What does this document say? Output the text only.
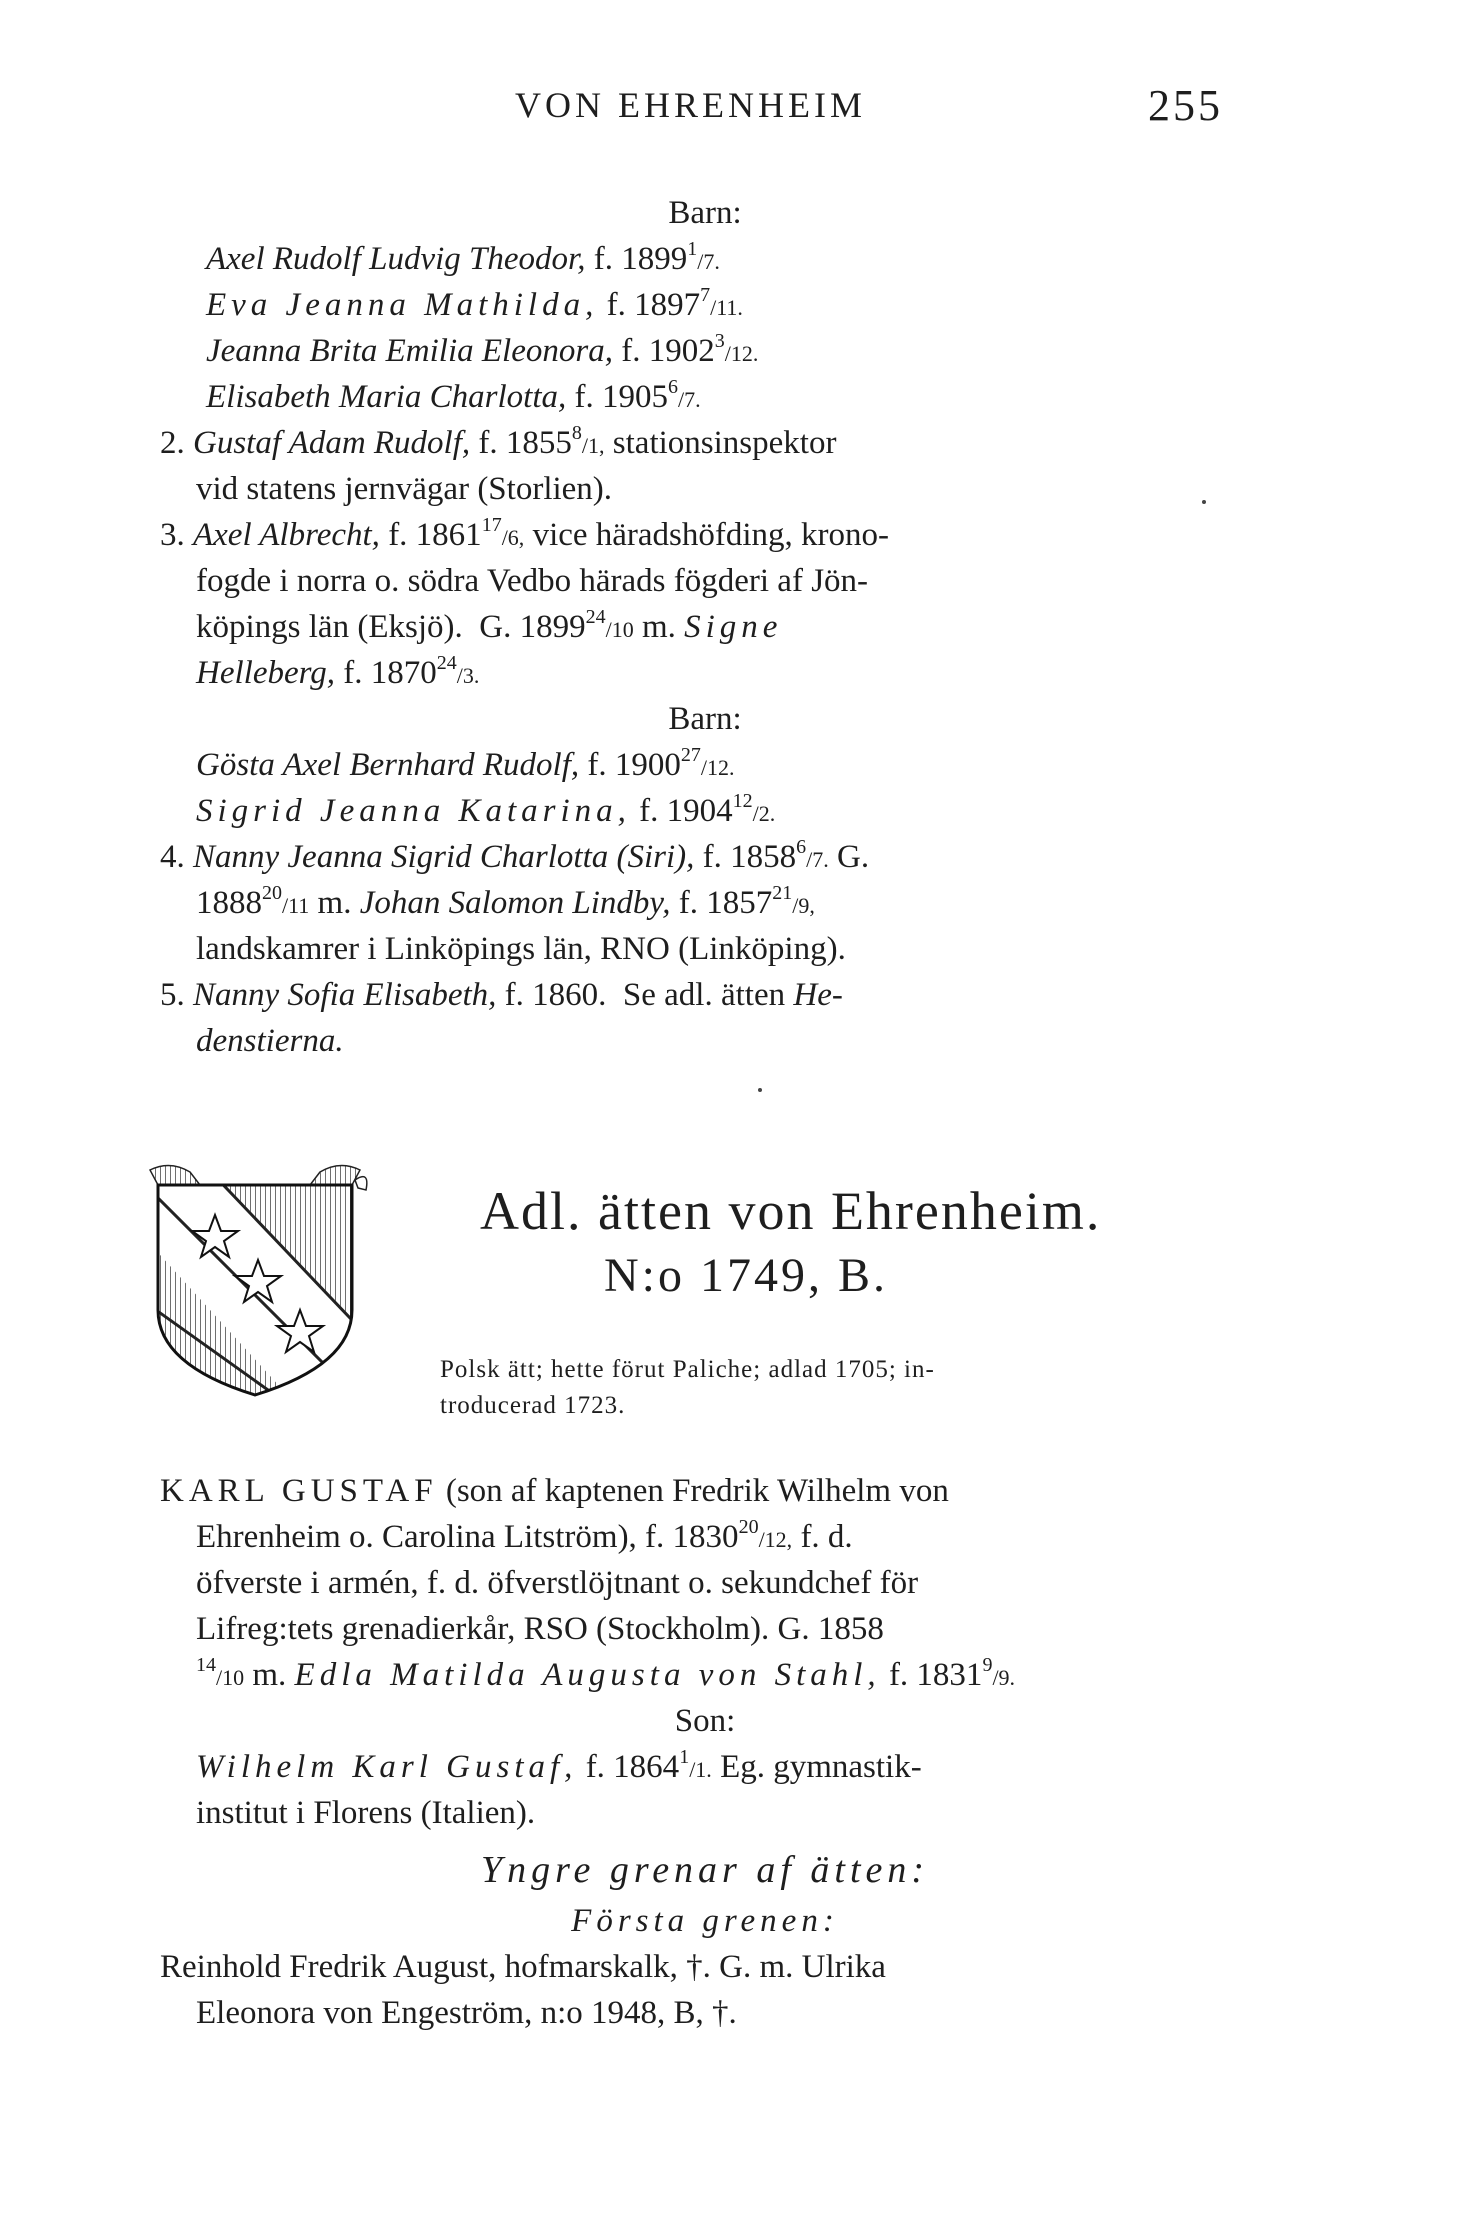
VON EHRENHEIM	255
Barn:
Axel Rudolf Ludvig Theodor, f. 1899$^1$/7.
Eva Jeanna Mathilda, f. 1897$^7$/11.
Jeanna Brita Emilia Eleonora, f. 1902$^3$/12.
Elisabeth Maria Charlotta, f. 1905$^6$/7.
2. Gustaf Adam Rudolf, f. 1855$^8$/1, stationsinspektor
vid statens jernvägar (Storlien).
3. Axel Albrecht, f. 1861$^{17}$/6, vice häradshöfding, krono-
fogde i norra o. södra Vedbo härads fögderi af Jön-
köpings län (Eksjö). G. 1899$^{24}$/10 m. Signe
Helleberg, f. 1870$^{24}$/3.
Barn:
Gösta Axel Bernhard Rudolf, f. 1900$^{27}$/12.
Sigrid Jeanna Katarina, f. 1904$^{12}$/2.
4. Nanny Jeanna Sigrid Charlotta (Siri), f. 1858$^6$/7. G.
1888$^{20}$/11 m. Johan Salomon Lindby, f. 1857$^{21}$/9,
landskamrer i Linköpings län, RNO (Linköping).
5. Nanny Sofia Elisabeth, f. 1860. Se adl. ätten He-
denstierna.
Adl. ätten von Ehrenheim.
N:o 1749, B.
Polsk ätt; hette förut Paliche; adlad 1705; in-
troducerad 1723.
KARL GUSTAF (son af kaptenen Fredrik Wilhelm von
Ehrenheim o. Carolina Litström), f. 1830$^{20}$/12, f. d.
öfverste i armén, f. d. öfverstlöjtnant o. sekundchef för
Lifreg:tets grenadierkår, RSO (Stockholm). G. 1858
$^{14}$/10 m. Edla Matilda Augusta von Stahl, f. 1831$^9$/9.
Son:
Wilhelm Karl Gustaf, f. 1864$^1$/1. Eg. gymnastik-
institut i Florens (Italien).
Yngre grenar af ätten:
Första grenen:
Reinhold Fredrik August, hofmarskalk, †. G. m. Ulrika
Eleonora von Engeström, n:o 1948, B, †.
